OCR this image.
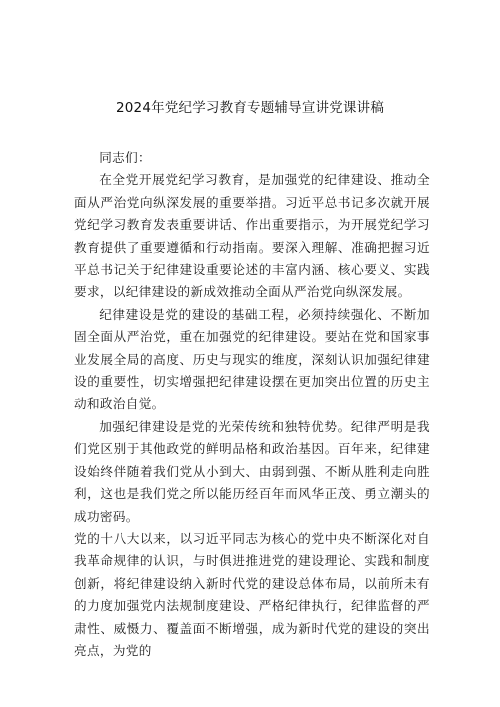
2024年党纪学习教育专题辅导宣讲党课讲稿

同志们：

在全党开展党纪学习教育，是加强党的纪律建设、推动全面从严治党向纵深发展的重要举措。习近平总书记多次就开展党纪学习教育发表重要讲话、作出重要指示，为开展党纪学习教育提供了重要遵循和行动指南。要深入理解、准确把握习近平总书记关于纪律建设重要论述的丰富内涵、核心要义、实践要求，以纪律建设的新成效推动全面从严治党向纵深发展。

纪律建设是党的建设的基础工程，必须持续强化、不断加固全面从严治党，重在加强党的纪律建设。要站在党和国家事业发展全局的高度、历史与现实的维度，深刻认识加强纪律建设的重要性，切实增强把纪律建设摆在更加突出位置的历史主动和政治自觉。

加强纪律建设是党的光荣传统和独特优势。纪律严明是我们党区别于其他政党的鲜明品格和政治基因。百年来，纪律建设始终伴随着我们党从小到大、由弱到强、不断从胜利走向胜利，这也是我们党之所以能历经百年而风华正茂、勇立潮头的成功密码。

党的十八大以来，以习近平同志为核心的党中央不断深化对自我革命规律的认识，与时俱进推进党的建设理论、实践和制度创新，将纪律建设纳入新时代党的建设总体布局，以前所未有的力度加强党内法规制度建设、严格纪律执行，纪律监督的严肃性、威慑力、覆盖面不断增强，成为新时代党的建设的突出亮点，为党的
